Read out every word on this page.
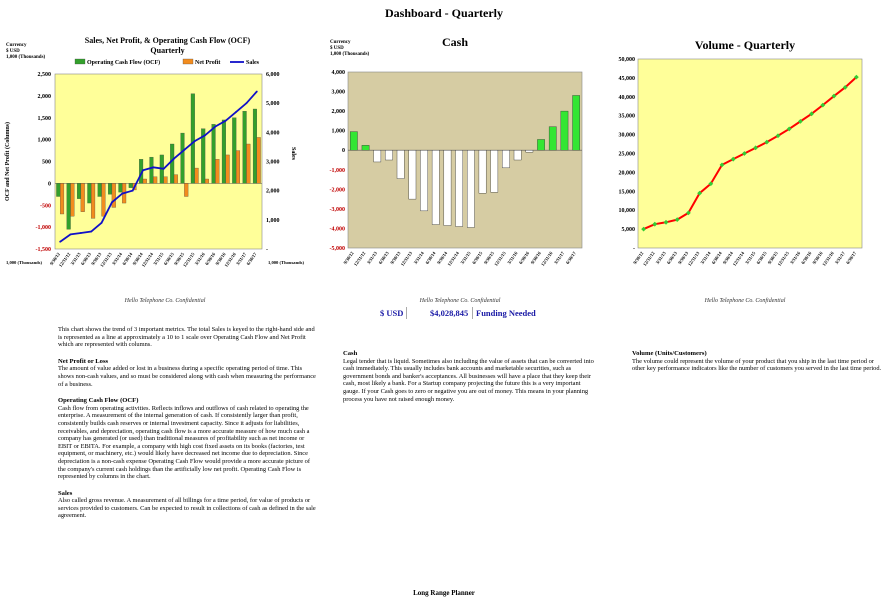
Dashboard - Quarterly
Sales, Net Profit, & Operating Cash Flow (OCF)
Quarterly
Currency
$ USD
1,000 (Thousands)
-1,500
-1,000
-500
0
500
1,000
1,500
2,000
2,500
-
1,000
2,000
3,000
4,000
5,000
6,000
9/30/12
12/31/12
3/31/13
6/30/13
9/30/13
12/31/13
3/31/14
6/30/14
9/30/14
12/31/14
3/31/15
6/30/15
9/30/15
12/31/15
3/31/16
6/30/16
9/30/16
12/31/16
3/31/17
6/30/17
Operating Cash Flow (OCF)	Net Profit	Sales
OCF and Net Profit (Columns)	Sales
1,000 (Thousands)	1,000 (Thousands)
Hello Telephone Co. Confidential
Cash
Currency
$ USD
1,000 (Thousands)
-5,000
-4,000
-3,000
-2,000
-1,000
0
1,000
2,000
3,000
4,000
9/30/12
12/31/12 3/31/13 6/30/13 9/30/13
12/31/13 3/31/14 6/30/14 9/30/14
12/31/14 3/31/15 6/30/15 9/30/15
12/31/15 3/31/16 6/30/16 9/30/16
12/31/16 3/31/17 6/30/17
Hello Telephone Co. Confidential
$ USD	$4,028,845 Funding Needed
Volume - Quarterly
-
5,000
10,000
15,000
20,000
25,000
30,000
35,000
40,000
45,000
50,000
9/30/12
12/31/12 3/31/13 6/30/13 9/30/13
12/31/13 3/31/14 6/30/14 9/30/14
12/31/14 3/31/15 6/30/15 9/30/15
12/31/15 3/31/16 6/30/16 9/30/16
12/31/16 3/31/17 6/30/17
Hello Telephone Co. Confidential

This chart shows the trend of 3 important metrics. The total Sales is keyed to the right-hand side and is represented as a line at approximately a 10 to 1 scale over Operating Cash Flow and Net Profit which are represented with columns.

Net Profit or Loss

The amount of value added or lost in a business during a specific operating period of time. This shows non-cash values, and so must be considered along with cash when measuring the performance of a business.

Operating Cash Flow (OCF)

Cash flow from operating activities. Reflects inflows and outflows of cash related to operating the enterprise. A measurement of the internal generation of cash. If consistently larger than profit, consistently builds cash reserves or internal investment capacity. Since it adjusts for liabilities, receivables, and depreciation, operating cash flow is a more accurate measure of how much cash a company has generated (or used) than traditional measures of profitability such as net income or EBIT or EBITA. For example, a company with high cost fixed assets on its books (factories, test equipment, or machinery, etc.) would likely have decreased net income due to depreciation. Since depreciation is a non-cash expense Operating Cash Flow would provide a more accurate picture of the company's current cash holdings than the artificially low net profit. Operating Cash Flow is represented by columns in the chart.

Sales

Also called gross revenue. A measurement of all billings for a time period, for value of products or services provided to customers. Can be expected to result in collections of cash as defined in the sale agreement.

Cash

Legal tender that is liquid. Sometimes also including the value of assets that can be converted into cash immediately. This usually includes bank accounts and marketable securities, such as government bonds and banker's acceptances. All businesses will have a place that they keep their cash, most likely a bank. For a Startup company projecting the future this is a very important gauge. If your Cash goes to zero or negative you are out of money. This means in your planning process you have not raised enough money.

Volume (Units/Customers)

The volume could represent the volume of your product that you ship in the last time period or other key performance indicators like the number of customers you served in the last time period.

Long Range Planner
